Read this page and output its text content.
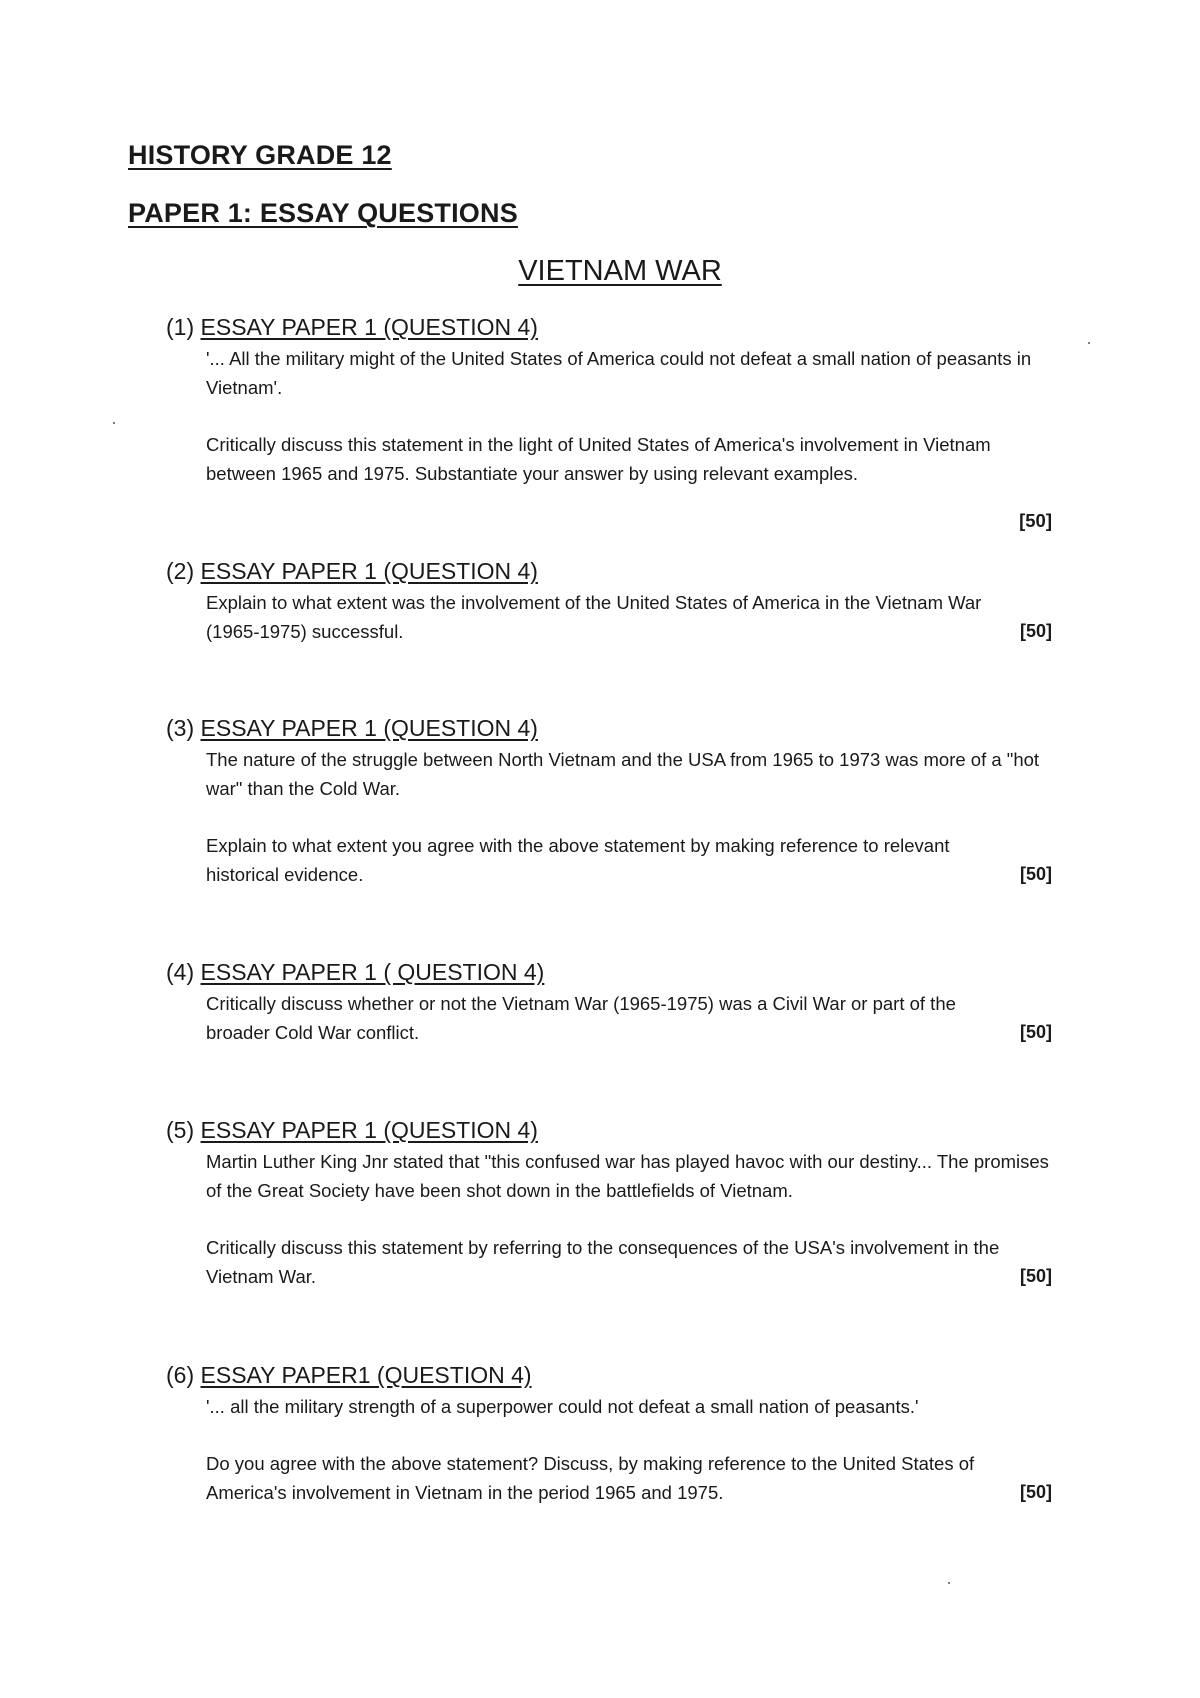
HISTORY GRADE 12
PAPER 1: ESSAY QUESTIONS
VIETNAM WAR

(1) ESSAY PAPER 1 (QUESTION 4)

'... All the military might of the United States of America could not defeat a small nation of peasants in Vietnam'.

Critically discuss this statement in the light of United States of America's involvement in Vietnam between 1965 and 1975. Substantiate your answer by using relevant examples.

[50]

(2) ESSAY PAPER 1 (QUESTION 4)

[50]
Explain to what extent was the involvement of the United States of America in the Vietnam War (1965-1975) successful.

(3) ESSAY PAPER 1 (QUESTION 4)

The nature of the struggle between North Vietnam and the USA from 1965 to 1973 was more of a "hot war" than the Cold War.

[50]
Explain to what extent you agree with the above statement by making reference to relevant historical evidence.

(4) ESSAY PAPER 1 ( QUESTION 4)

[50]
Critically discuss whether or not the Vietnam War (1965-1975) was a Civil War or part of the broader Cold War conflict.

(5) ESSAY PAPER 1 (QUESTION 4)

Martin Luther King Jnr stated that "this confused war has played havoc with our destiny... The promises of the Great Society have been shot down in the battlefields of Vietnam.

[50]
Critically discuss this statement by referring to the consequences of the USA's involvement in the Vietnam War.

(6) ESSAY PAPER1 (QUESTION 4)

'... all the military strength of a superpower could not defeat a small nation of peasants.'

[50]
Do you agree with the above statement? Discuss, by making reference to the United States of America's involvement in Vietnam in the period 1965 and 1975.
